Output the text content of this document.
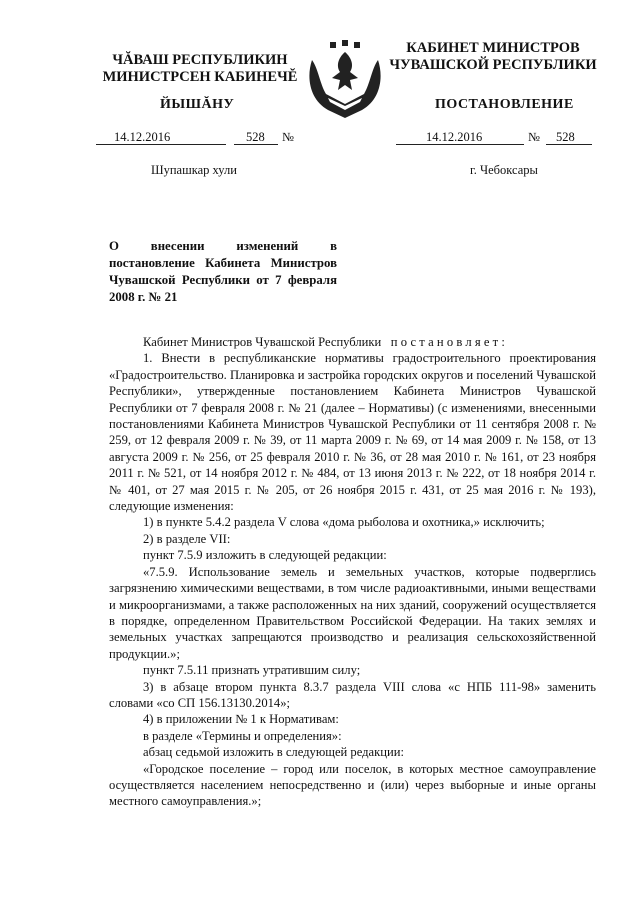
ЧĂВАШ РЕСПУБЛИКИН
МИНИСТРСЕН КАБИНЕЧĔ
ЙЫШĂНУ
КАБИНЕТ МИНИСТРОВ
ЧУВАШСКОЙ РЕСПУБЛИКИ
ПОСТАНОВЛЕНИЕ
14.12.2016	528 №	14.12.2016	№ 528
Шупашкар хули	г. Чебоксары
О внесении изменений в постановление Кабинета Министров Чувашской Республики от 7 февраля 2008 г. № 21

Кабинет Министров Чувашской Республики постановляет:

1. Внести в республиканские нормативы градостроительного проектирования «Градостроительство. Планировка и застройка городских округов и поселений Чувашской Республики», утвержденные постановлением Кабинета Министров Чувашской Республики от 7 февраля 2008 г. № 21 (далее – Нормативы) (с изменениями, внесенными постановлениями Кабинета Министров Чувашской Республики от 11 сентября 2008 г. № 259, от 12 февраля 2009 г. № 39, от 11 марта 2009 г. № 69, от 14 мая 2009 г. № 158, от 13 августа 2009 г. № 256, от 25 февраля 2010 г. № 36, от 28 мая 2010 г. № 161, от 23 ноября 2011 г. № 521, от 14 ноября 2012 г. № 484, от 13 июня 2013 г. № 222, от 18 ноября 2014 г. № 401, от 27 мая 2015 г. № 205, от 26 ноября 2015 г. 431, от 25 мая 2016 г. № 193), следующие изменения:

1) в пункте 5.4.2 раздела V слова «дома рыболова и охотника,» исключить;

2) в разделе VII:

пункт 7.5.9 изложить в следующей редакции:

«7.5.9. Использование земель и земельных участков, которые подверглись загрязнению химическими веществами, в том числе радиоактивными, иными веществами и микроорганизмами, а также расположенных на них зданий, сооружений осуществляется в порядке, определенном Правительством Российской Федерации. На таких землях и земельных участках запрещаются производство и реализация сельскохозяйственной продукции.»;

пункт 7.5.11 признать утратившим силу;

3) в абзаце втором пункта 8.3.7 раздела VIII слова «с НПБ 111-98» заменить словами «со СП 156.13130.2014»;

4) в приложении № 1 к Нормативам:

в разделе «Термины и определения»:

абзац седьмой изложить в следующей редакции:

«Городское поселение – город или поселок, в которых местное самоуправление осуществляется населением непосредственно и (или) через выборные и иные органы местного самоуправления.»;
